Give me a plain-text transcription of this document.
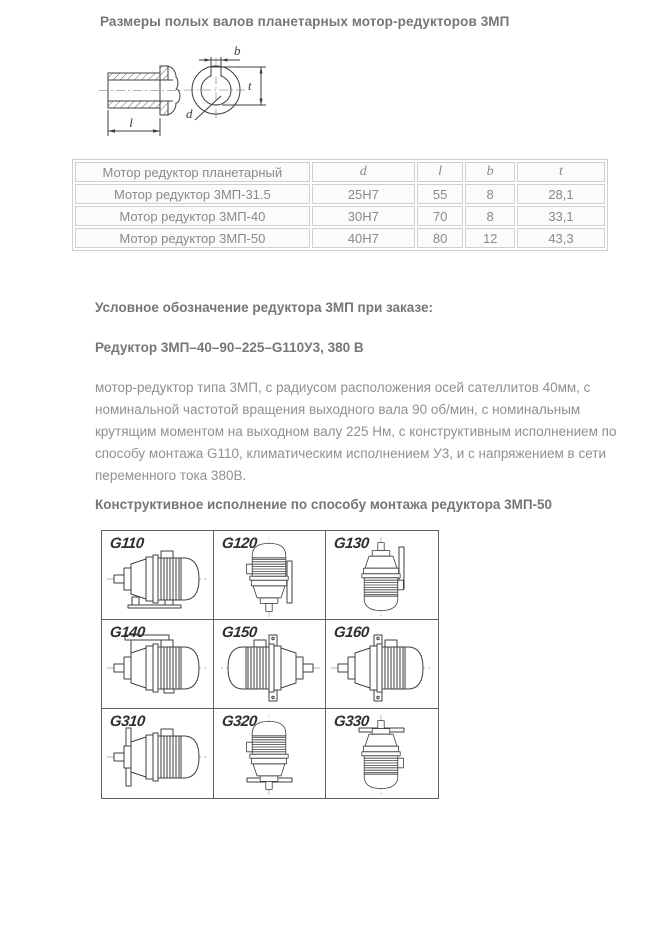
Размеры полых валов планетарных мотор-редукторов 3МП
l
b
t
d
Мотор редуктор планетарный	d	l	b	t
Мотор редуктор 3МП-31.5	25H7	55	8	28,1
Мотор редуктор 3МП-40	30H7	70	8	33,1
Мотор редуктор 3МП-50	40H7	80	12	43,3
Условное обозначение редуктора 3МП при заказе:

Редуктор 3МП–40–90–225–G110У3, 380 В

мотор-редуктор типа 3МП, с радиусом расположения осей сателлитов 40мм, с номинальной частотой вращения выходного вала 90 об/мин, с номинальным крутящим моментом на выходном валу 225 Нм, с конструктивным исполнением по способу монтажа G110, климатическим исполнением У3, и с напряжением в сети переменного тока 380В.

Конструктивное исполнение по способу монтажа редуктора 3МП-50
G110	G120	G130
G140	G150	G160
G310	G320	G330
